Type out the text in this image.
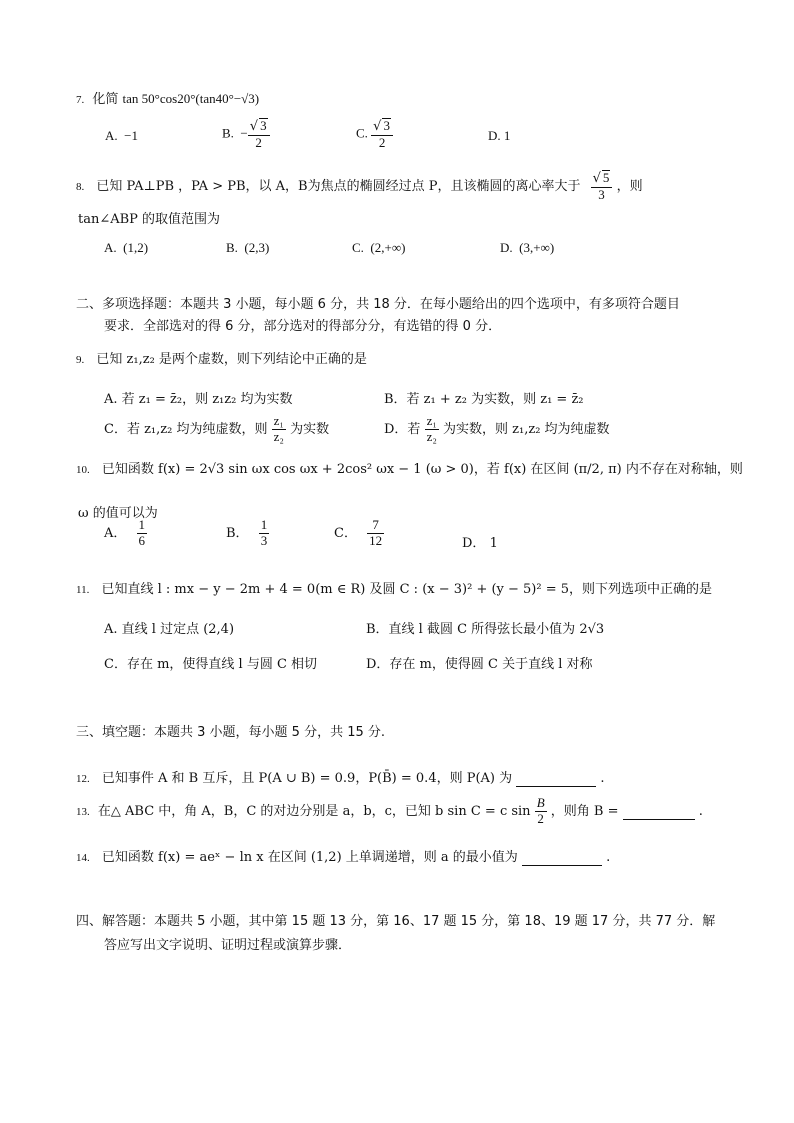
7. 化简 tan 50°cos20°(tan40°−√3)
A. −1	B.  − $\frac{√ 3}{2}$	C. $\frac{√ 3}{2}$	D. 1
8. 已知 PA⊥PB ，PA > PB，以 A，B为焦点的椭圆经过点 P，且该椭圆的离心率大于 $\frac{√ 5}{3}$ ，则
tan∠ABP 的取值范围为
A. (1,2)	B. (2,3)	C. (2,+∞)	D. (3,+∞)
二、多项选择题：本题共 3 小题，每小题 6 分，共 18 分．在每小题给出的四个选项中，有多项符合题目
要求．全部选对的得 6 分，部分选对的得部分分，有选错的得 0 分．
9. 已知 z₁,z₂ 是两个虚数，则下列结论中正确的是
A. 若 z₁ = z̄₂，则 z₁z₂ 均为实数	B．若 z₁ + z₂ 为实数，则 z₁ = z̄₂
C．若 z₁,z₂ 均为纯虚数，则 $\frac{\text{z₁}}{\text{z₂}}$ 为实数	D．若 $\frac{\text{z₁}}{\text{z₂}}$ 为实数，则 z₁,z₂ 均为纯虚数
10. 已知函数 f(x) = 2√3 sin ωx cos ωx + 2cos² ωx − 1 (ω > 0)，若 f(x) 在区间 (π/2, π) 内不存在对称轴，则
ω 的值可以为
A． $\frac{1}{6}$	B． $\frac{1}{3}$	C． $\frac{7}{12}$	D． 1
11. 已知直线 l : mx − y − 2m + 4 = 0(m ∈ R) 及圆 C : (x − 3)² + (y − 5)² = 5，则下列选项中正确的是
A. 直线 l 过定点 (2,4)	B．直线 l 截圆 C 所得弦长最小值为 2√3
C．存在 m，使得直线 l 与圆 C 相切	D．存在 m，使得圆 C 关于直线 l 对称
三、填空题：本题共 3 小题，每小题 5 分，共 15 分.
12. 已知事件 A 和 B 互斥，且 P(A ∪ B) = 0.9，P(B̄) = 0.4，则 P(A) 为	.
13. 在△ ABC 中，角 A，B，C 的对边分别是 a，b，c，已知 b sin C = c $\sin \frac{B}{2}$ ，则角 B =	.
14. 已知函数 f(x) = aeˣ − ln x 在区间 (1,2) 上单调递增，则 a 的最小值为	.
四、解答题：本题共 5 小题，其中第 15 题 13 分，第 16、17 题 15 分，第 18、19 题 17 分，共 77 分．解
答应写出文字说明、证明过程或演算步骤．
